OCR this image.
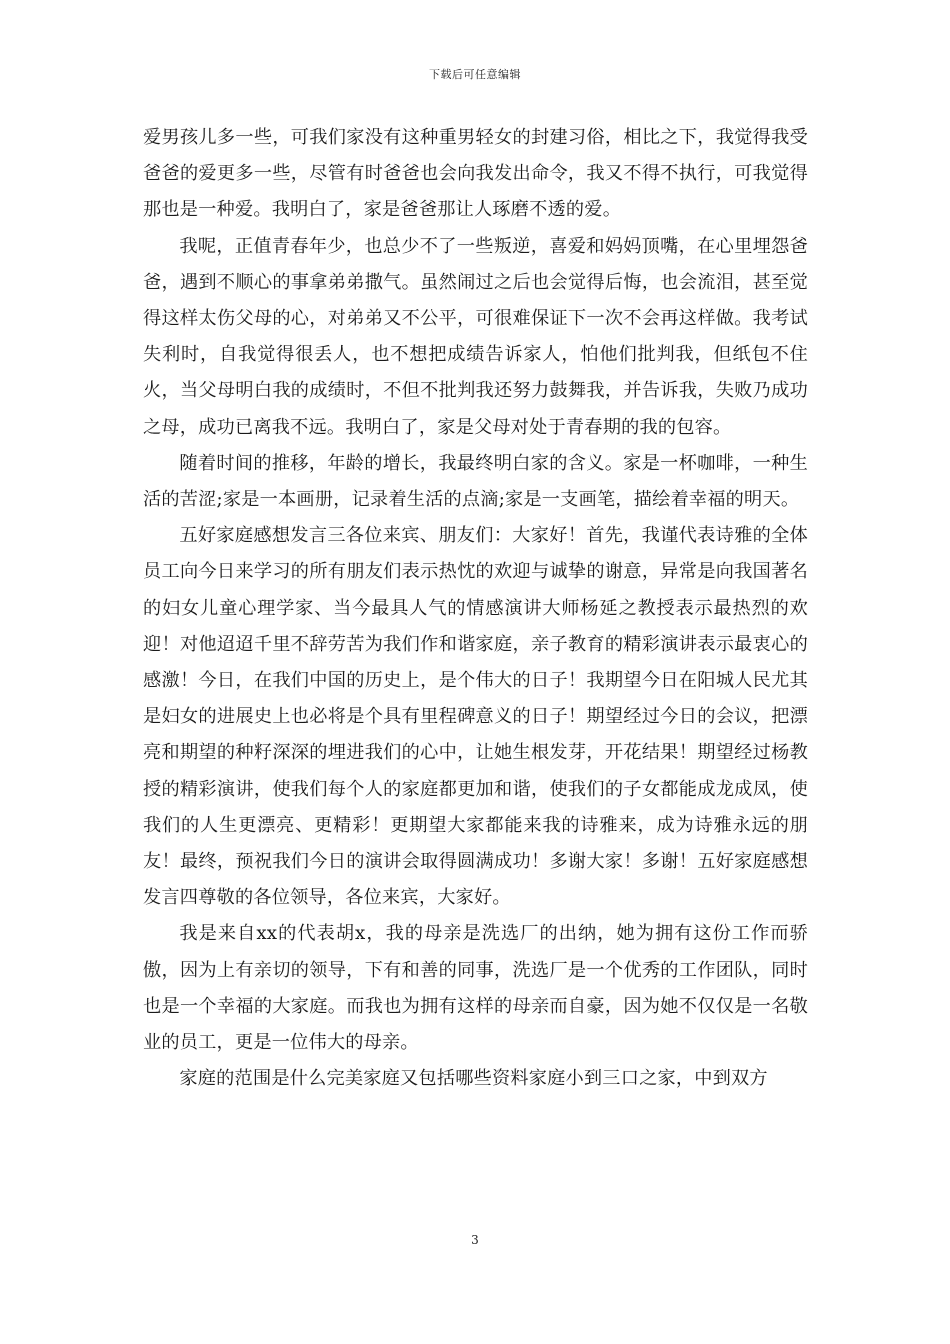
下载后可任意编辑

爱男孩儿多一些，可我们家没有这种重男轻女的封建习俗，相比之下，我觉得我受爸爸的爱更多一些，尽管有时爸爸也会向我发出命令，我又不得不执行，可我觉得那也是一种爱。我明白了，家是爸爸那让人琢磨不透的爱。

我呢，正值青春年少，也总少不了一些叛逆，喜爱和妈妈顶嘴，在心里埋怨爸爸，遇到不顺心的事拿弟弟撒气。虽然闹过之后也会觉得后悔，也会流泪，甚至觉得这样太伤父母的心，对弟弟又不公平，可很难保证下一次不会再这样做。我考试失利时，自我觉得很丢人，也不想把成绩告诉家人，怕他们批判我，但纸包不住火，当父母明白我的成绩时，不但不批判我还努力鼓舞我，并告诉我，失败乃成功之母，成功已离我不远。我明白了，家是父母对处于青春期的我的包容。

随着时间的推移，年龄的增长，我最终明白家的含义。家是一杯咖啡，一种生活的苦涩;家是一本画册，记录着生活的点滴;家是一支画笔，描绘着幸福的明天。

五好家庭感想发言三各位来宾、朋友们：大家好！首先，我谨代表诗雅的全体员工向今日来学习的所有朋友们表示热忱的欢迎与诚挚的谢意，异常是向我国著名的妇女儿童心理学家、当今最具人气的情感演讲大师杨延之教授表示最热烈的欢迎！对他迢迢千里不辞劳苦为我们作和谐家庭，亲子教育的精彩演讲表示最衷心的感激！今日，在我们中国的历史上，是个伟大的日子！我期望今日在阳城人民尤其是妇女的进展史上也必将是个具有里程碑意义的日子！期望经过今日的会议，把漂亮和期望的种籽深深的埋进我们的心中，让她生根发芽，开花结果！期望经过杨教授的精彩演讲，使我们每个人的家庭都更加和谐，使我们的子女都能成龙成凤，使我们的人生更漂亮、更精彩！更期望大家都能来我的诗雅来，成为诗雅永远的朋友！最终，预祝我们今日的演讲会取得圆满成功！多谢大家！多谢！五好家庭感想发言四尊敬的各位领导，各位来宾，大家好。

我是来自xx的代表胡x，我的母亲是洗选厂的出纳，她为拥有这份工作而骄傲，因为上有亲切的领导，下有和善的同事，洗选厂是一个优秀的工作团队，同时也是一个幸福的大家庭。而我也为拥有这样的母亲而自豪，因为她不仅仅是一名敬业的员工，更是一位伟大的母亲。

家庭的范围是什么完美家庭又包括哪些资料家庭小到三口之家，中到双方

3
